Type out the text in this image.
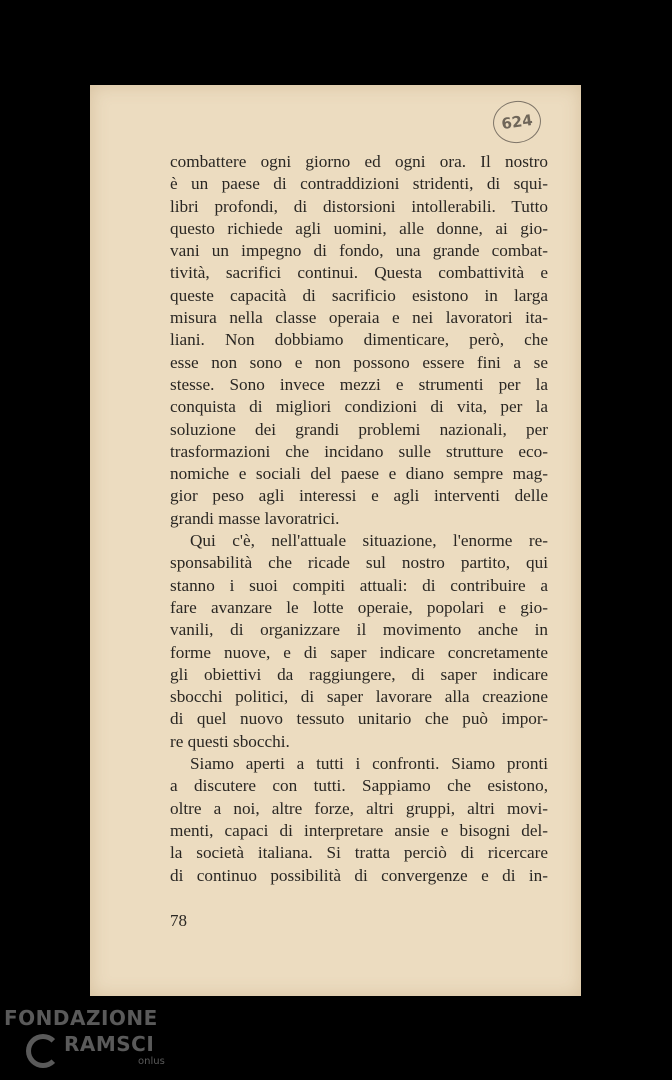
624
combattere ogni giorno ed ogni ora. Il nostro
è un paese di contraddizioni stridenti, di squi-
libri profondi, di distorsioni intollerabili. Tutto
questo richiede agli uomini, alle donne, ai gio-
vani un impegno di fondo, una grande combat-
tività, sacrifici continui. Questa combattività e
queste capacità di sacrificio esistono in larga
misura nella classe operaia e nei lavoratori ita-
liani. Non dobbiamo dimenticare, però, che
esse non sono e non possono essere fini a se
stesse. Sono invece mezzi e strumenti per la
conquista di migliori condizioni di vita, per la
soluzione dei grandi problemi nazionali, per
trasformazioni che incidano sulle strutture eco-
nomiche e sociali del paese e diano sempre mag-
gior peso agli interessi e agli interventi delle
grandi masse lavoratrici.
Qui c'è, nell'attuale situazione, l'enorme re-
sponsabilità che ricade sul nostro partito, qui
stanno i suoi compiti attuali: di contribuire a
fare avanzare le lotte operaie, popolari e gio-
vanili, di organizzare il movimento anche in
forme nuove, e di saper indicare concretamente
gli obiettivi da raggiungere, di saper indicare
sbocchi politici, di saper lavorare alla creazione
di quel nuovo tessuto unitario che può impor-
re questi sbocchi.
Siamo aperti a tutti i confronti. Siamo pronti
a discutere con tutti. Sappiamo che esistono,
oltre a noi, altre forze, altri gruppi, altri movi-
menti, capaci di interpretare ansie e bisogni del-
la società italiana. Si tratta perciò di ricercare
di continuo possibilità di convergenze e di in-
78
FONDAZIONE
RAMSCI
onlus
